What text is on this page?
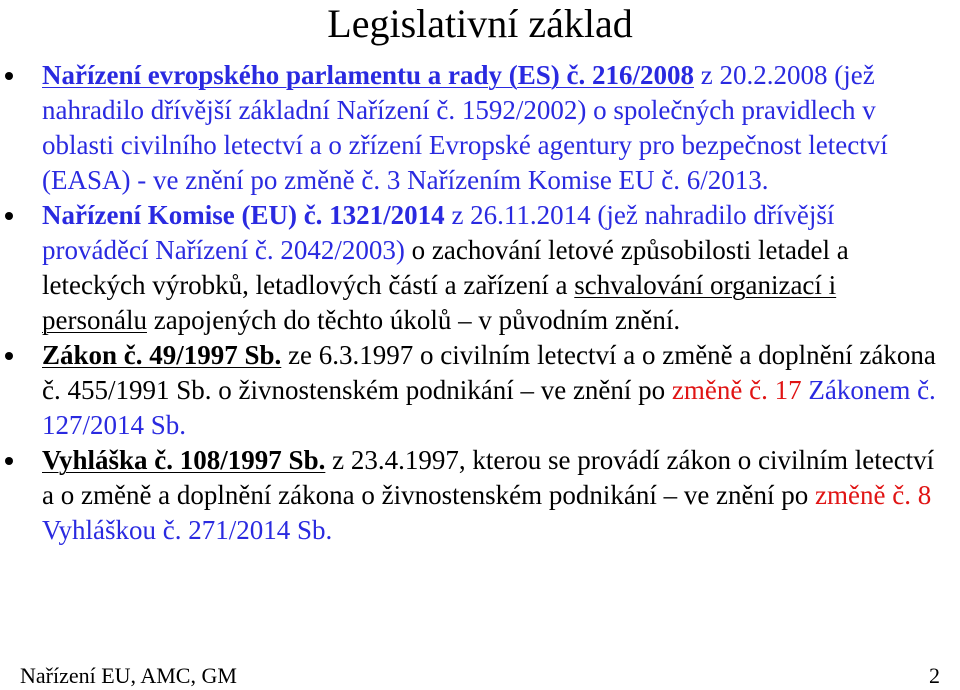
Legislativní základ
Nařízení evropského parlamentu a rady (ES) č. 216/2008 z 20.2.2008 (jež nahradilo dřívější základní Nařízení č. 1592/2002) o společných pravidlech v oblasti civilního letectví a o zřízení Evropské agentury pro bezpečnost letectví (EASA) - ve znění po změně č. 3 Nařízením Komise EU č. 6/2013.
Nařízení Komise (EU) č. 1321/2014 z 26.11.2014 (jež nahradilo dřívější prováděcí Nařízení č. 2042/2003) o zachování letové způsobilosti letadel a leteckých výrobků, letadlových částí a zařízení a schvalování organizací i personálu zapojených do těchto úkolů – v původním znění.
Zákon č. 49/1997 Sb. ze 6.3.1997 o civilním letectví a o změně a doplnění zákona č. 455/1991 Sb. o živnostenském podnikání – ve znění po změně č. 17 Zákonem č. 127/2014 Sb.
Vyhláška č. 108/1997 Sb. z 23.4.1997, kterou se provádí zákon o civilním letectví a o změně a doplnění zákona o živnostenském podnikání – ve znění po změně č. 8 Vyhláškou č. 271/2014 Sb.
Nařízení EU, AMC, GM	2
